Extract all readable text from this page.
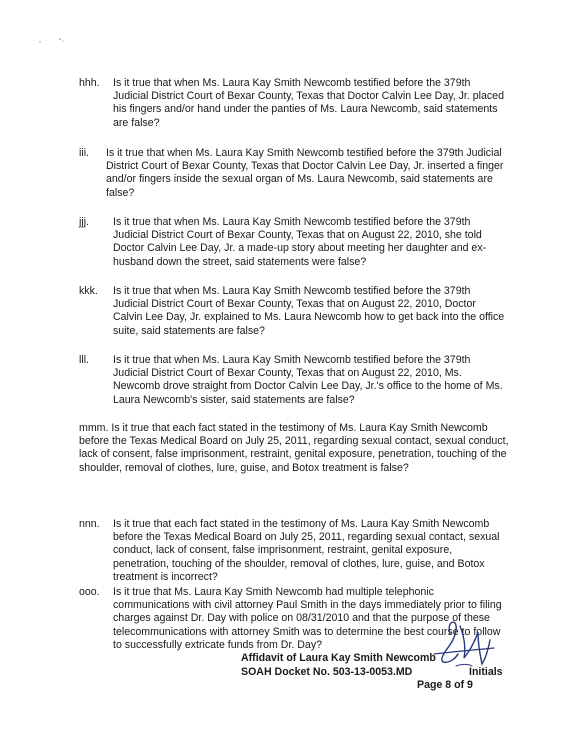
hhh. Is it true that when Ms. Laura Kay Smith Newcomb testified before the 379th Judicial District Court of Bexar County, Texas that Doctor Calvin Lee Day, Jr. placed his fingers and/or hand under the panties of Ms. Laura Newcomb, said statements are false?
iii. Is it true that when Ms. Laura Kay Smith Newcomb testified before the 379th Judicial District Court of Bexar County, Texas that Doctor Calvin Lee Day, Jr. inserted a finger and/or fingers inside the sexual organ of Ms. Laura Newcomb, said statements are false?
jjj. Is it true that when Ms. Laura Kay Smith Newcomb testified before the 379th Judicial District Court of Bexar County, Texas that on August 22, 2010, she told Doctor Calvin Lee Day, Jr. a made-up story about meeting her daughter and ex-husband down the street, said statements were false?
kkk. Is it true that when Ms. Laura Kay Smith Newcomb testified before the 379th Judicial District Court of Bexar County, Texas that on August 22, 2010, Doctor Calvin Lee Day, Jr. explained to Ms. Laura Newcomb how to get back into the office suite, said statements are false?
lll. Is it true that when Ms. Laura Kay Smith Newcomb testified before the 379th Judicial District Court of Bexar County, Texas that on August 22, 2010, Ms. Newcomb drove straight from Doctor Calvin Lee Day, Jr.'s office to the home of Ms. Laura Newcomb's sister, said statements are false?
mmm. Is it true that each fact stated in the testimony of Ms. Laura Kay Smith Newcomb before the Texas Medical Board on July 25, 2011, regarding sexual contact, sexual conduct, lack of consent, false imprisonment, restraint, genital exposure, penetration, touching of the shoulder, removal of clothes, lure, guise, and Botox treatment is false?
nnn. Is it true that each fact stated in the testimony of Ms. Laura Kay Smith Newcomb before the Texas Medical Board on July 25, 2011, regarding sexual contact, sexual conduct, lack of consent, false imprisonment, restraint, genital exposure, penetration, touching of the shoulder, removal of clothes, lure, guise, and Botox treatment is incorrect?
ooo. Is it true that Ms. Laura Kay Smith Newcomb had multiple telephonic communications with civil attorney Paul Smith in the days immediately prior to filing charges against Dr. Day with police on 08/31/2010 and that the purpose of these telecommunications with attorney Smith was to determine the best course to follow to successfully extricate funds from Dr. Day?
Affidavit of Laura Kay Smith Newcomb
SOAH Docket No. 503-13-0053.MD	Initials
Page 8 of 9
